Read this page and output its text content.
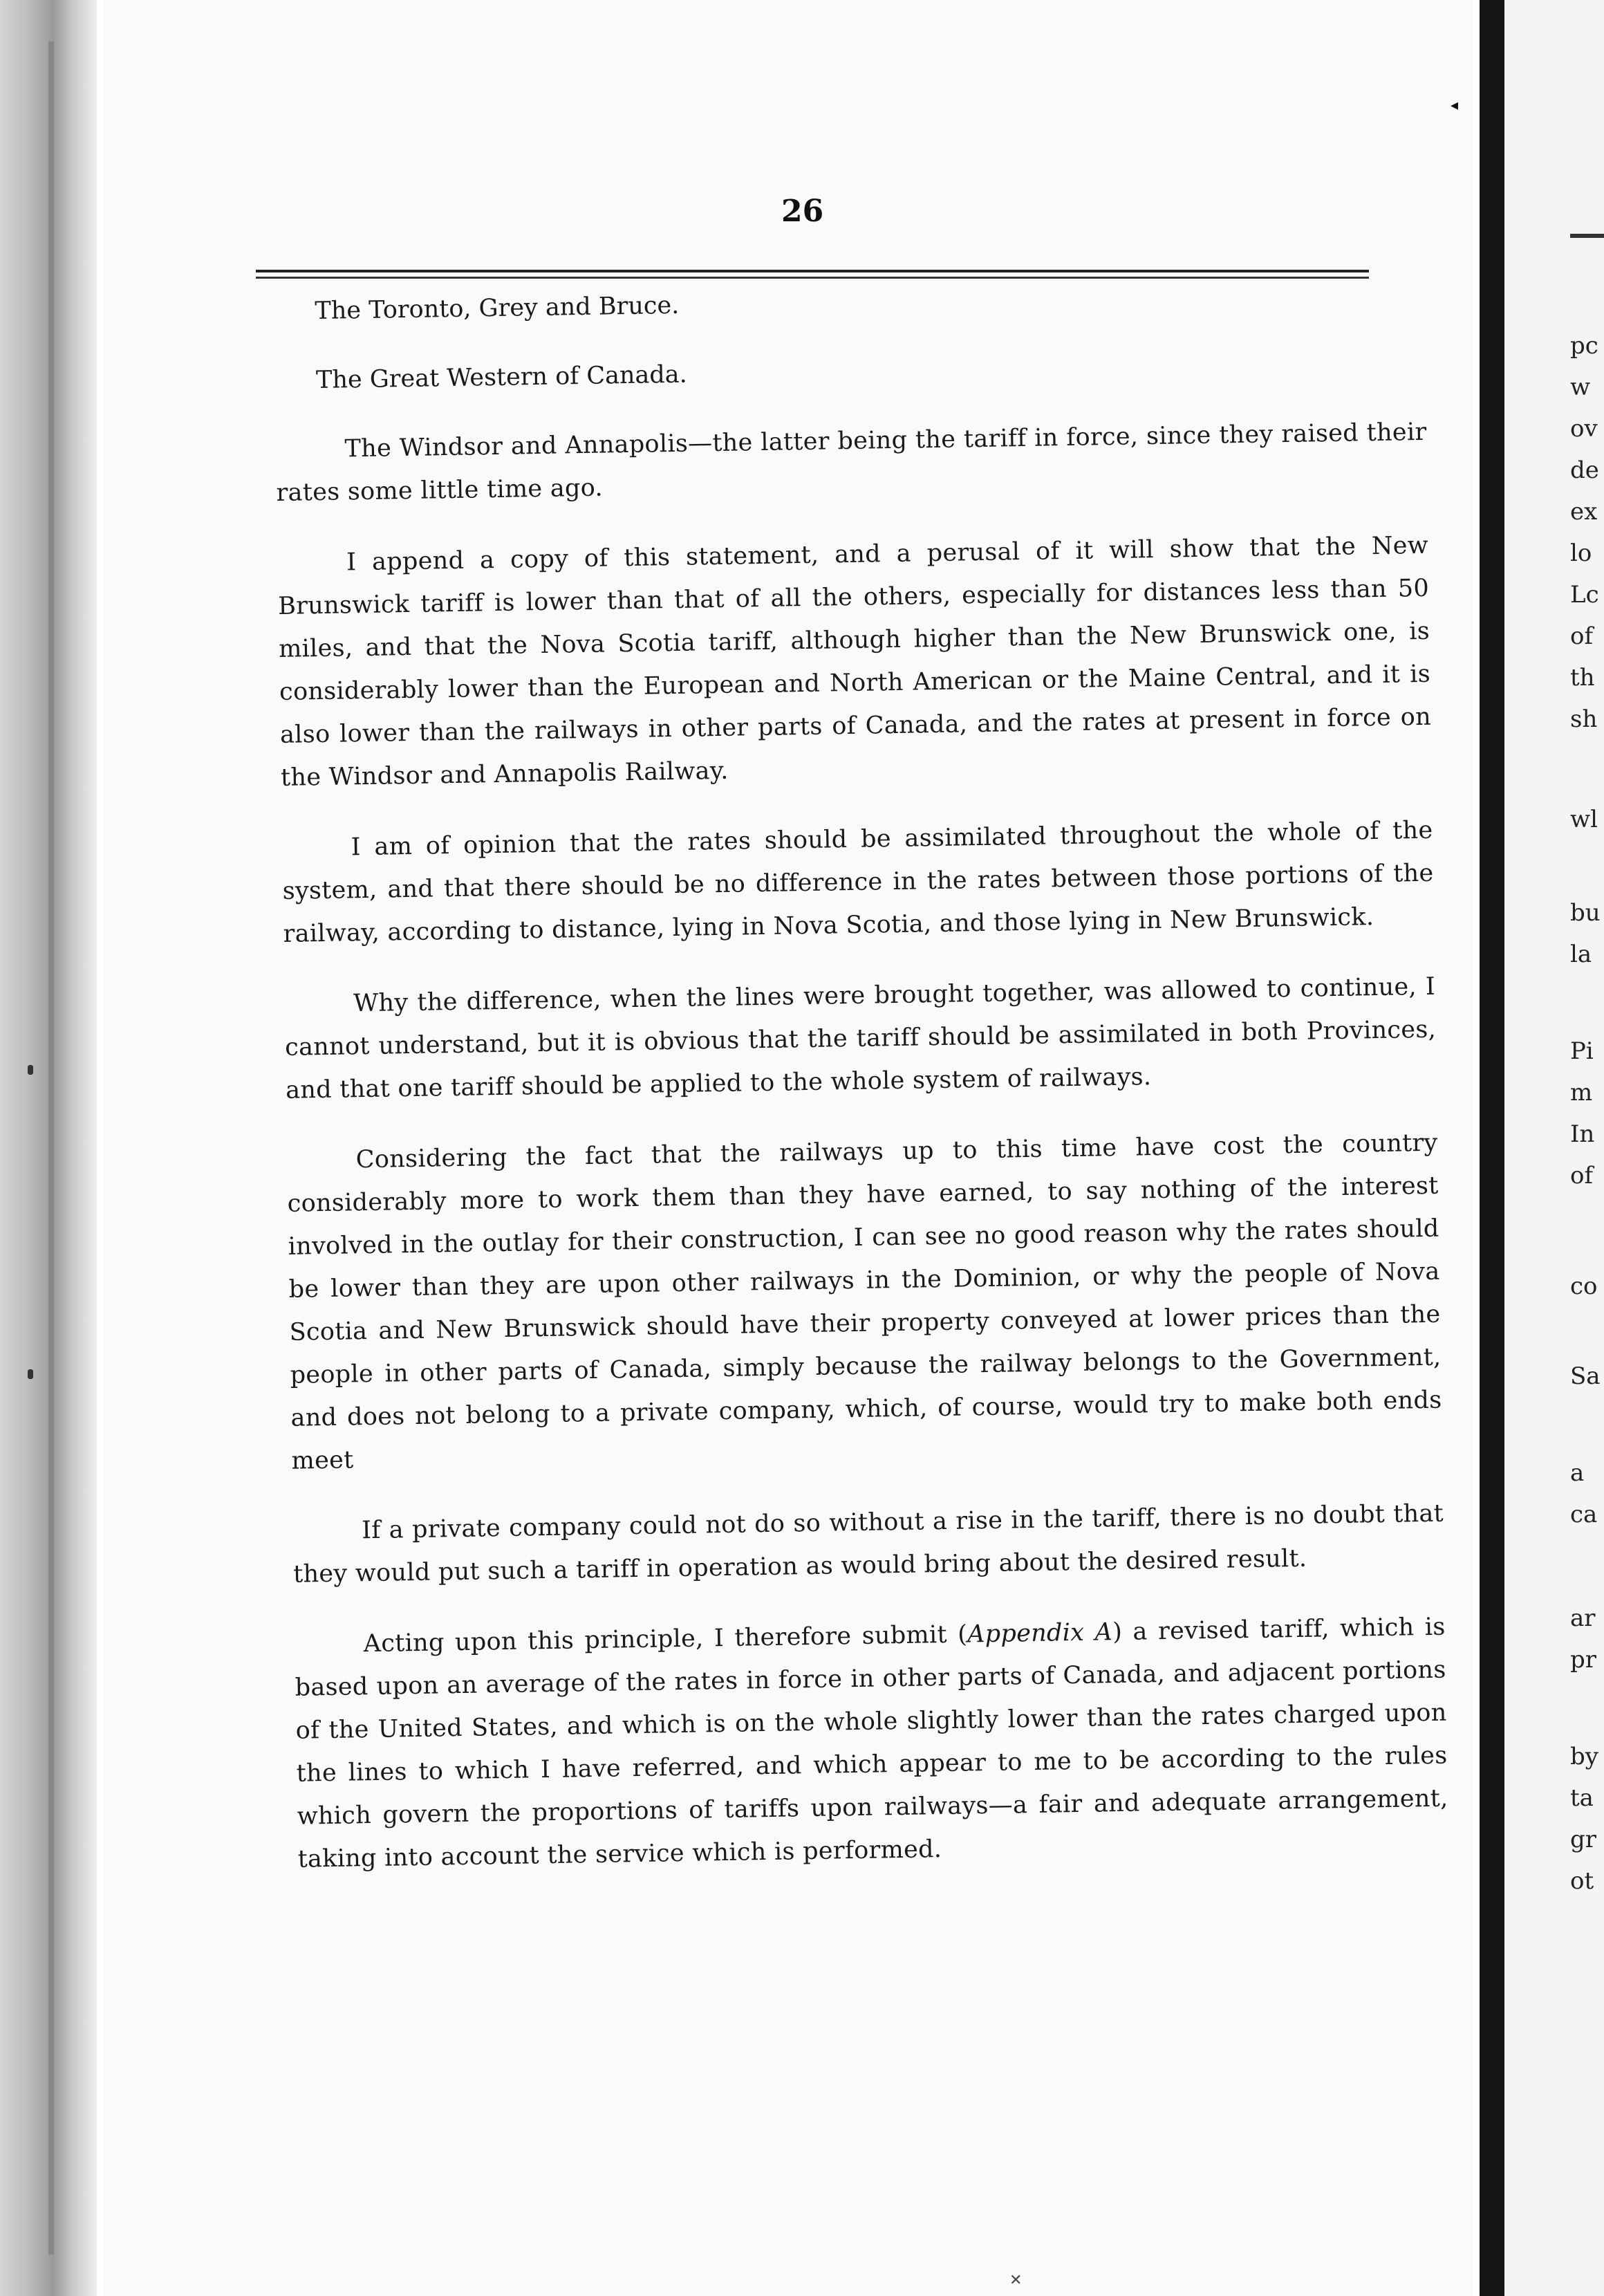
◂
pc
w
ov
de
ex
lo
Lc
of
th
sh
wl
bu
la
Pi
m
In
of
co
Sa
a
ca
ar
pr
by
ta
gr
ot
26

The Toronto, Grey and Bruce.

The Great Western of Canada.

The Windsor and Annapolis—the latter being the tariff in force, since they raised their rates some little time ago.

I append a copy of this statement, and a perusal of it will show that the New Brunswick tariff is lower than that of all the others, especially for distances less than 50 miles, and that the Nova Scotia tariff, although higher than the New Brunswick one, is considerably lower than the European and North American or the Maine Central, and it is also lower than the railways in other parts of Canada, and the rates at present in force on the Windsor and Annapolis Railway.

I am of opinion that the rates should be assimilated throughout the whole of the system, and that there should be no difference in the rates between those portions of the railway, according to distance, lying in Nova Scotia, and those lying in New Brunswick.

Why the difference, when the lines were brought together, was allowed to continue, I cannot understand, but it is obvious that the tariff should be assimilated in both Provinces, and that one tariff should be applied to the whole system of railways.

Considering the fact that the railways up to this time have cost the country considerably more to work them than they have earned, to say nothing of the interest involved in the outlay for their construction, I can see no good reason why the rates should be lower than they are upon other railways in the Dominion, or why the people of Nova Scotia and New Brunswick should have their property conveyed at lower prices than the people in other parts of Canada, simply because the railway belongs to the Government, and does not belong to a private company, which, of course, would try to make both ends meet

If a private company could not do so without a rise in the tariff, there is no doubt that they would put such a tariff in operation as would bring about the desired result.

Acting upon this principle, I therefore submit (Appendix A) a revised tariff, which is based upon an average of the rates in force in other parts of Canada, and adjacent portions of the United States, and which is on the whole slightly lower than the rates charged upon the lines to which I have referred, and which appear to me to be according to the rules which govern the proportions of tariffs upon railways—a fair and adequate arrangement, taking into account the service which is performed.

✕
